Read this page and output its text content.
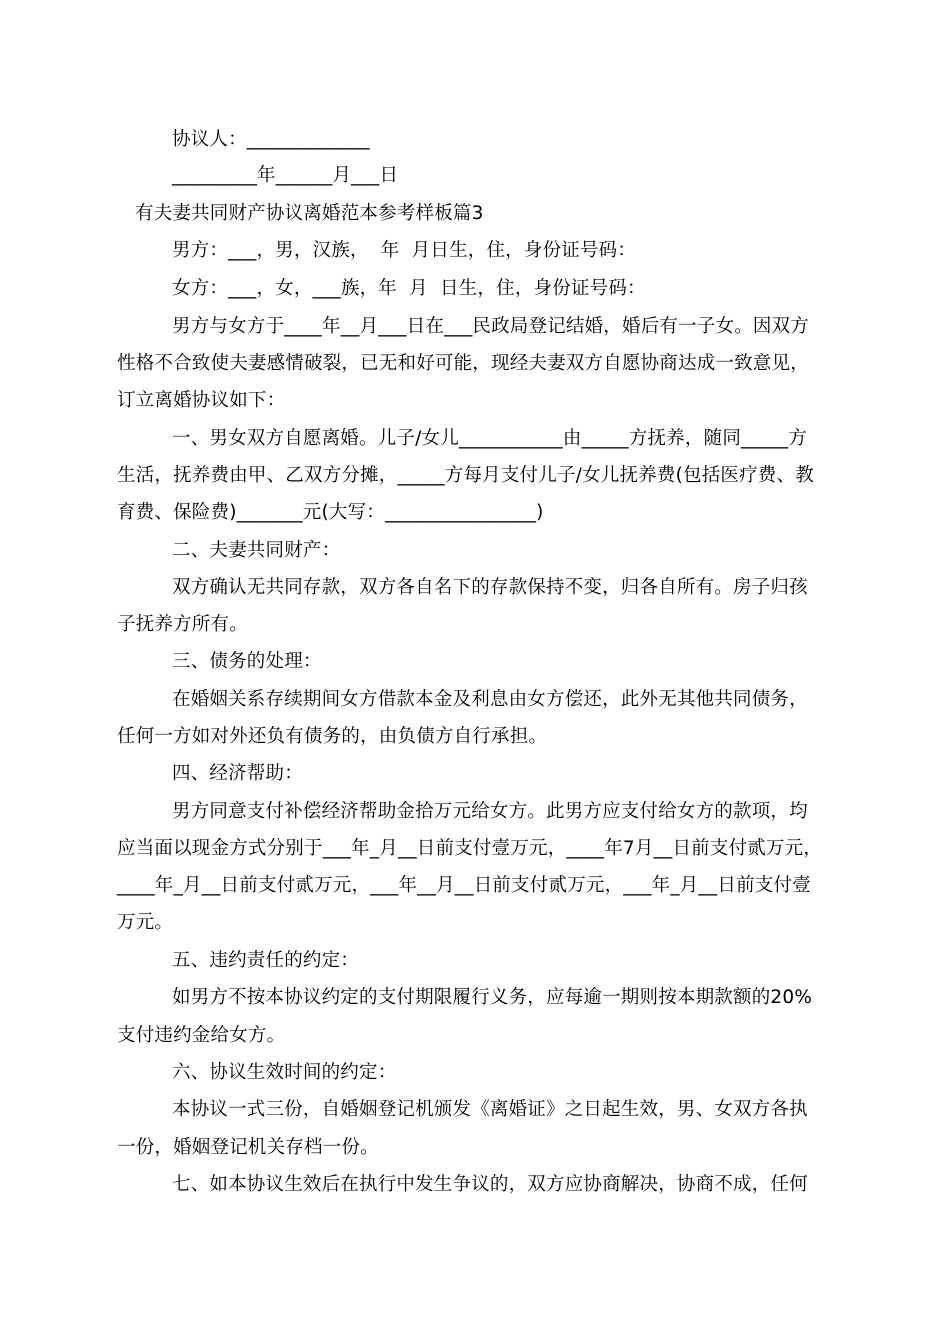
协议人：_____________
_________年______月___日
有夫妻共同财产协议离婚范本参考样板篇3
男方：___，男，汉族，  年  月日生，住，身份证号码：
女方：___，女，___族，年  月  日生，住，身份证号码：
男方与女方于____年__月___日在___民政局登记结婚，婚后有一子女。因双方
性格不合致使夫妻感情破裂，已无和好可能，现经夫妻双方自愿协商达成一致意见，
订立离婚协议如下：
一、男女双方自愿离婚。儿子/女儿___________由_____方抚养，随同_____方
生活，抚养费由甲、乙双方分摊，_____方每月支付儿子/女儿抚养费(包括医疗费、教
育费、保险费)_______元(大写：________________)
二、夫妻共同财产：
双方确认无共同存款，双方各自名下的存款保持不变，归各自所有。房子归孩
子抚养方所有。
三、债务的处理：
在婚姻关系存续期间女方借款本金及利息由女方偿还，此外无其他共同债务，
任何一方如对外还负有债务的，由负债方自行承担。
四、经济帮助：
男方同意支付补偿经济帮助金拾万元给女方。此男方应支付给女方的款项，均
应当面以现金方式分别于___年_月__日前支付壹万元，____年7月__日前支付贰万元，
____年_月__日前支付贰万元，___年__月__日前支付贰万元，___年_月__日前支付壹
万元。
五、违约责任的约定：
如男方不按本协议约定的支付期限履行义务，应每逾一期则按本期款额的20%
支付违约金给女方。
六、协议生效时间的约定：
本协议一式三份，自婚姻登记机颁发《离婚证》之日起生效，男、女双方各执
一份，婚姻登记机关存档一份。
七、如本协议生效后在执行中发生争议的，双方应协商解决，协商不成，任何
